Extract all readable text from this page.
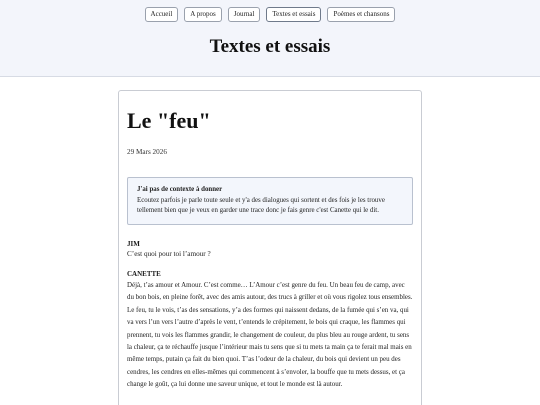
Accueil	A propos	Journal	Textes et essais	Poèmes et chansons
Textes et essais
Le "feu"
29 Mars 2026
J'ai pas de contexte à donner
Ecoutez parfois je parle toute seule et y'a des dialogues qui sortent et des fois je les trouve tellement bien que je veux en garder une trace donc je fais genre c'est Canette qui le dit.
JIM
C’est quoi pour toi l’amour ?
CANETTE
Déjà, t’as amour et Amour. C’est comme… L’Amour c’est genre du feu. Un beau feu de camp, avec du bon bois, en pleine forêt, avec des amis autour, des trucs à griller et où vous rigolez tous ensembles. Le feu, tu le vois, t’as des sensations, y’a des formes qui naissent dedans, de la fumée qui s’en va, qui va vers l’un vers l’autre d’après le vent, t’entends le crépitement, le bois qui craque, les flammes qui prennent, tu vois les flammes grandir, le changement de couleur, du plus bleu au rouge ardent, tu sens la chaleur, ça te réchauffe jusque l’intérieur mais tu sens que si tu mets ta main ça te ferait mal mais en même temps, putain ça fait du bien quoi. T’as l’odeur de la chaleur, du bois qui devient un peu des cendres, les cendres en elles-mêmes qui commencent à s’envoler, la bouffe que tu mets dessus, et ça change le goût, ça lui donne une saveur unique, et tout le monde est là autour.
